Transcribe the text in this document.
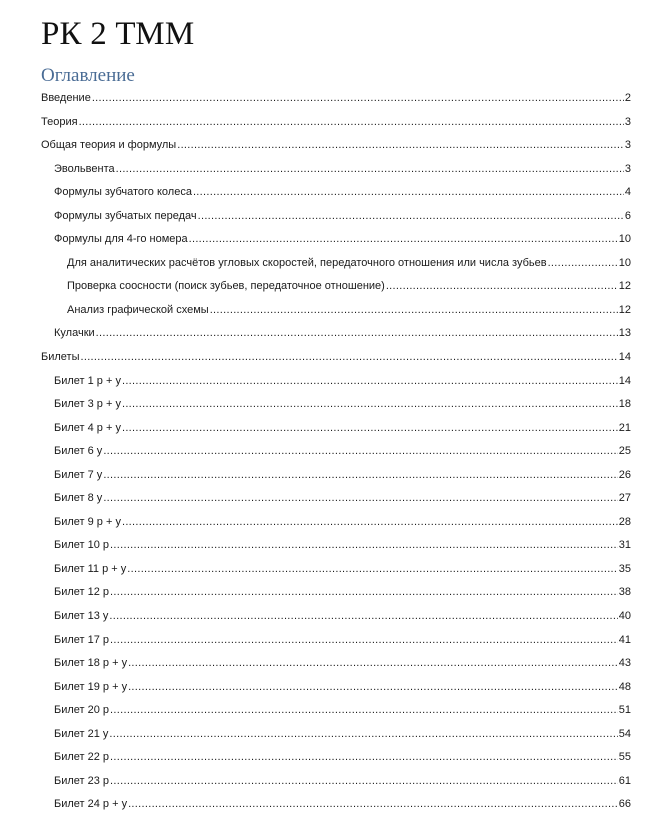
РК 2 ТММ
Оглавление
Введение .....	2
Теория .....	3
Общая теория и формулы .....	3
Эвольвента .....	3
Формулы зубчатого колеса .....	4
Формулы зубчатых передач .....	6
Формулы для 4-го номера .....	10
Для аналитических расчётов угловых скоростей, передаточного отношения или числа зубьев .....	10
Проверка соосности (поиск зубьев, передаточное отношение) .....	12
Анализ графической схемы .....	12
Кулачки .....	13
Билеты .....	14
Билет 1 р + у .....	14
Билет 3 р + у .....	18
Билет 4 р + у .....	21
Билет 6 у .....	25
Билет 7 у .....	26
Билет 8 у .....	27
Билет 9 р + у .....	28
Билет 10 р .....	31
Билет 11 р + у .....	35
Билет 12 р .....	38
Билет 13 у .....	40
Билет 17 р .....	41
Билет 18 р + у .....	43
Билет 19 р + у .....	48
Билет 20 р .....	51
Билет 21 у .....	54
Билет 22 р .....	55
Билет 23 р .....	61
Билет 24 р + у .....	66
